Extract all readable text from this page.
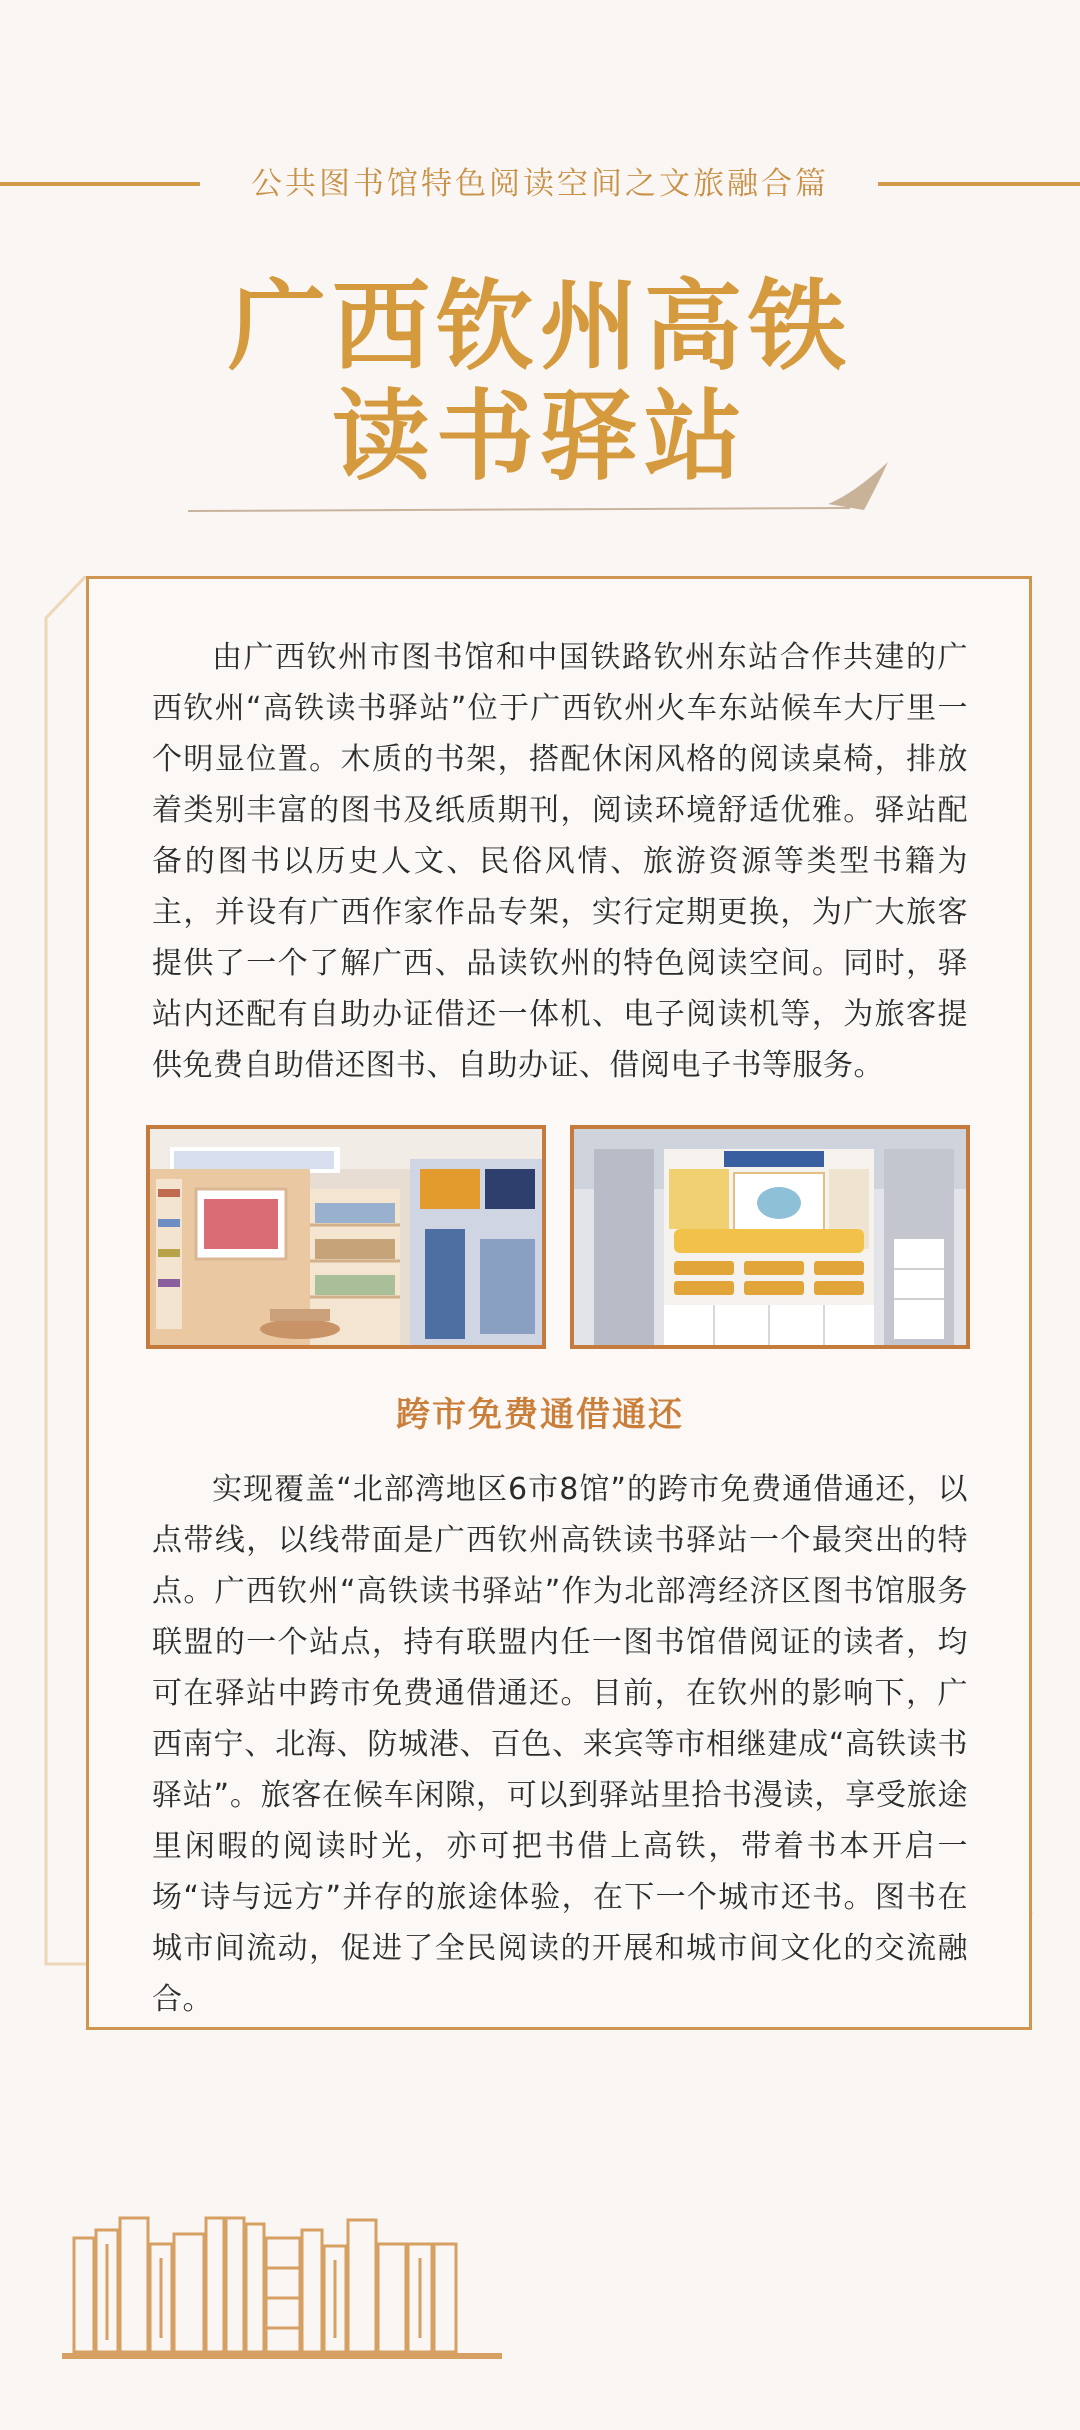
公共图书馆特色阅读空间之文旅融合篇
广西钦州高铁
读书驿站

由广西钦州市图书馆和中国铁路钦州东站合作共建的广西钦州“高铁读书驿站”位于广西钦州火车东站候车大厅里一个明显位置。木质的书架，搭配休闲风格的阅读桌椅，排放着类别丰富的图书及纸质期刊，阅读环境舒适优雅。驿站配备的图书以历史人文、民俗风情、旅游资源等类型书籍为主，并设有广西作家作品专架，实行定期更换，为广大旅客提供了一个了解广西、品读钦州的特色阅读空间。同时，驿站内还配有自助办证借还一体机、电子阅读机等，为旅客提供免费自助借还图书、自助办证、借阅电子书等服务。

跨市免费通借通还

实现覆盖“北部湾地区6市8馆”的跨市免费通借通还，以点带线，以线带面是广西钦州高铁读书驿站一个最突出的特点。广西钦州“高铁读书驿站”作为北部湾经济区图书馆服务联盟的一个站点，持有联盟内任一图书馆借阅证的读者，均可在驿站中跨市免费通借通还。目前，在钦州的影响下，广西南宁、北海、防城港、百色、来宾等市相继建成“高铁读书驿站”。旅客在候车闲隙，可以到驿站里拾书漫读，享受旅途里闲暇的阅读时光，亦可把书借上高铁，带着书本开启一场“诗与远方”并存的旅途体验，在下一个城市还书。图书在城市间流动，促进了全民阅读的开展和城市间文化的交流融合。
